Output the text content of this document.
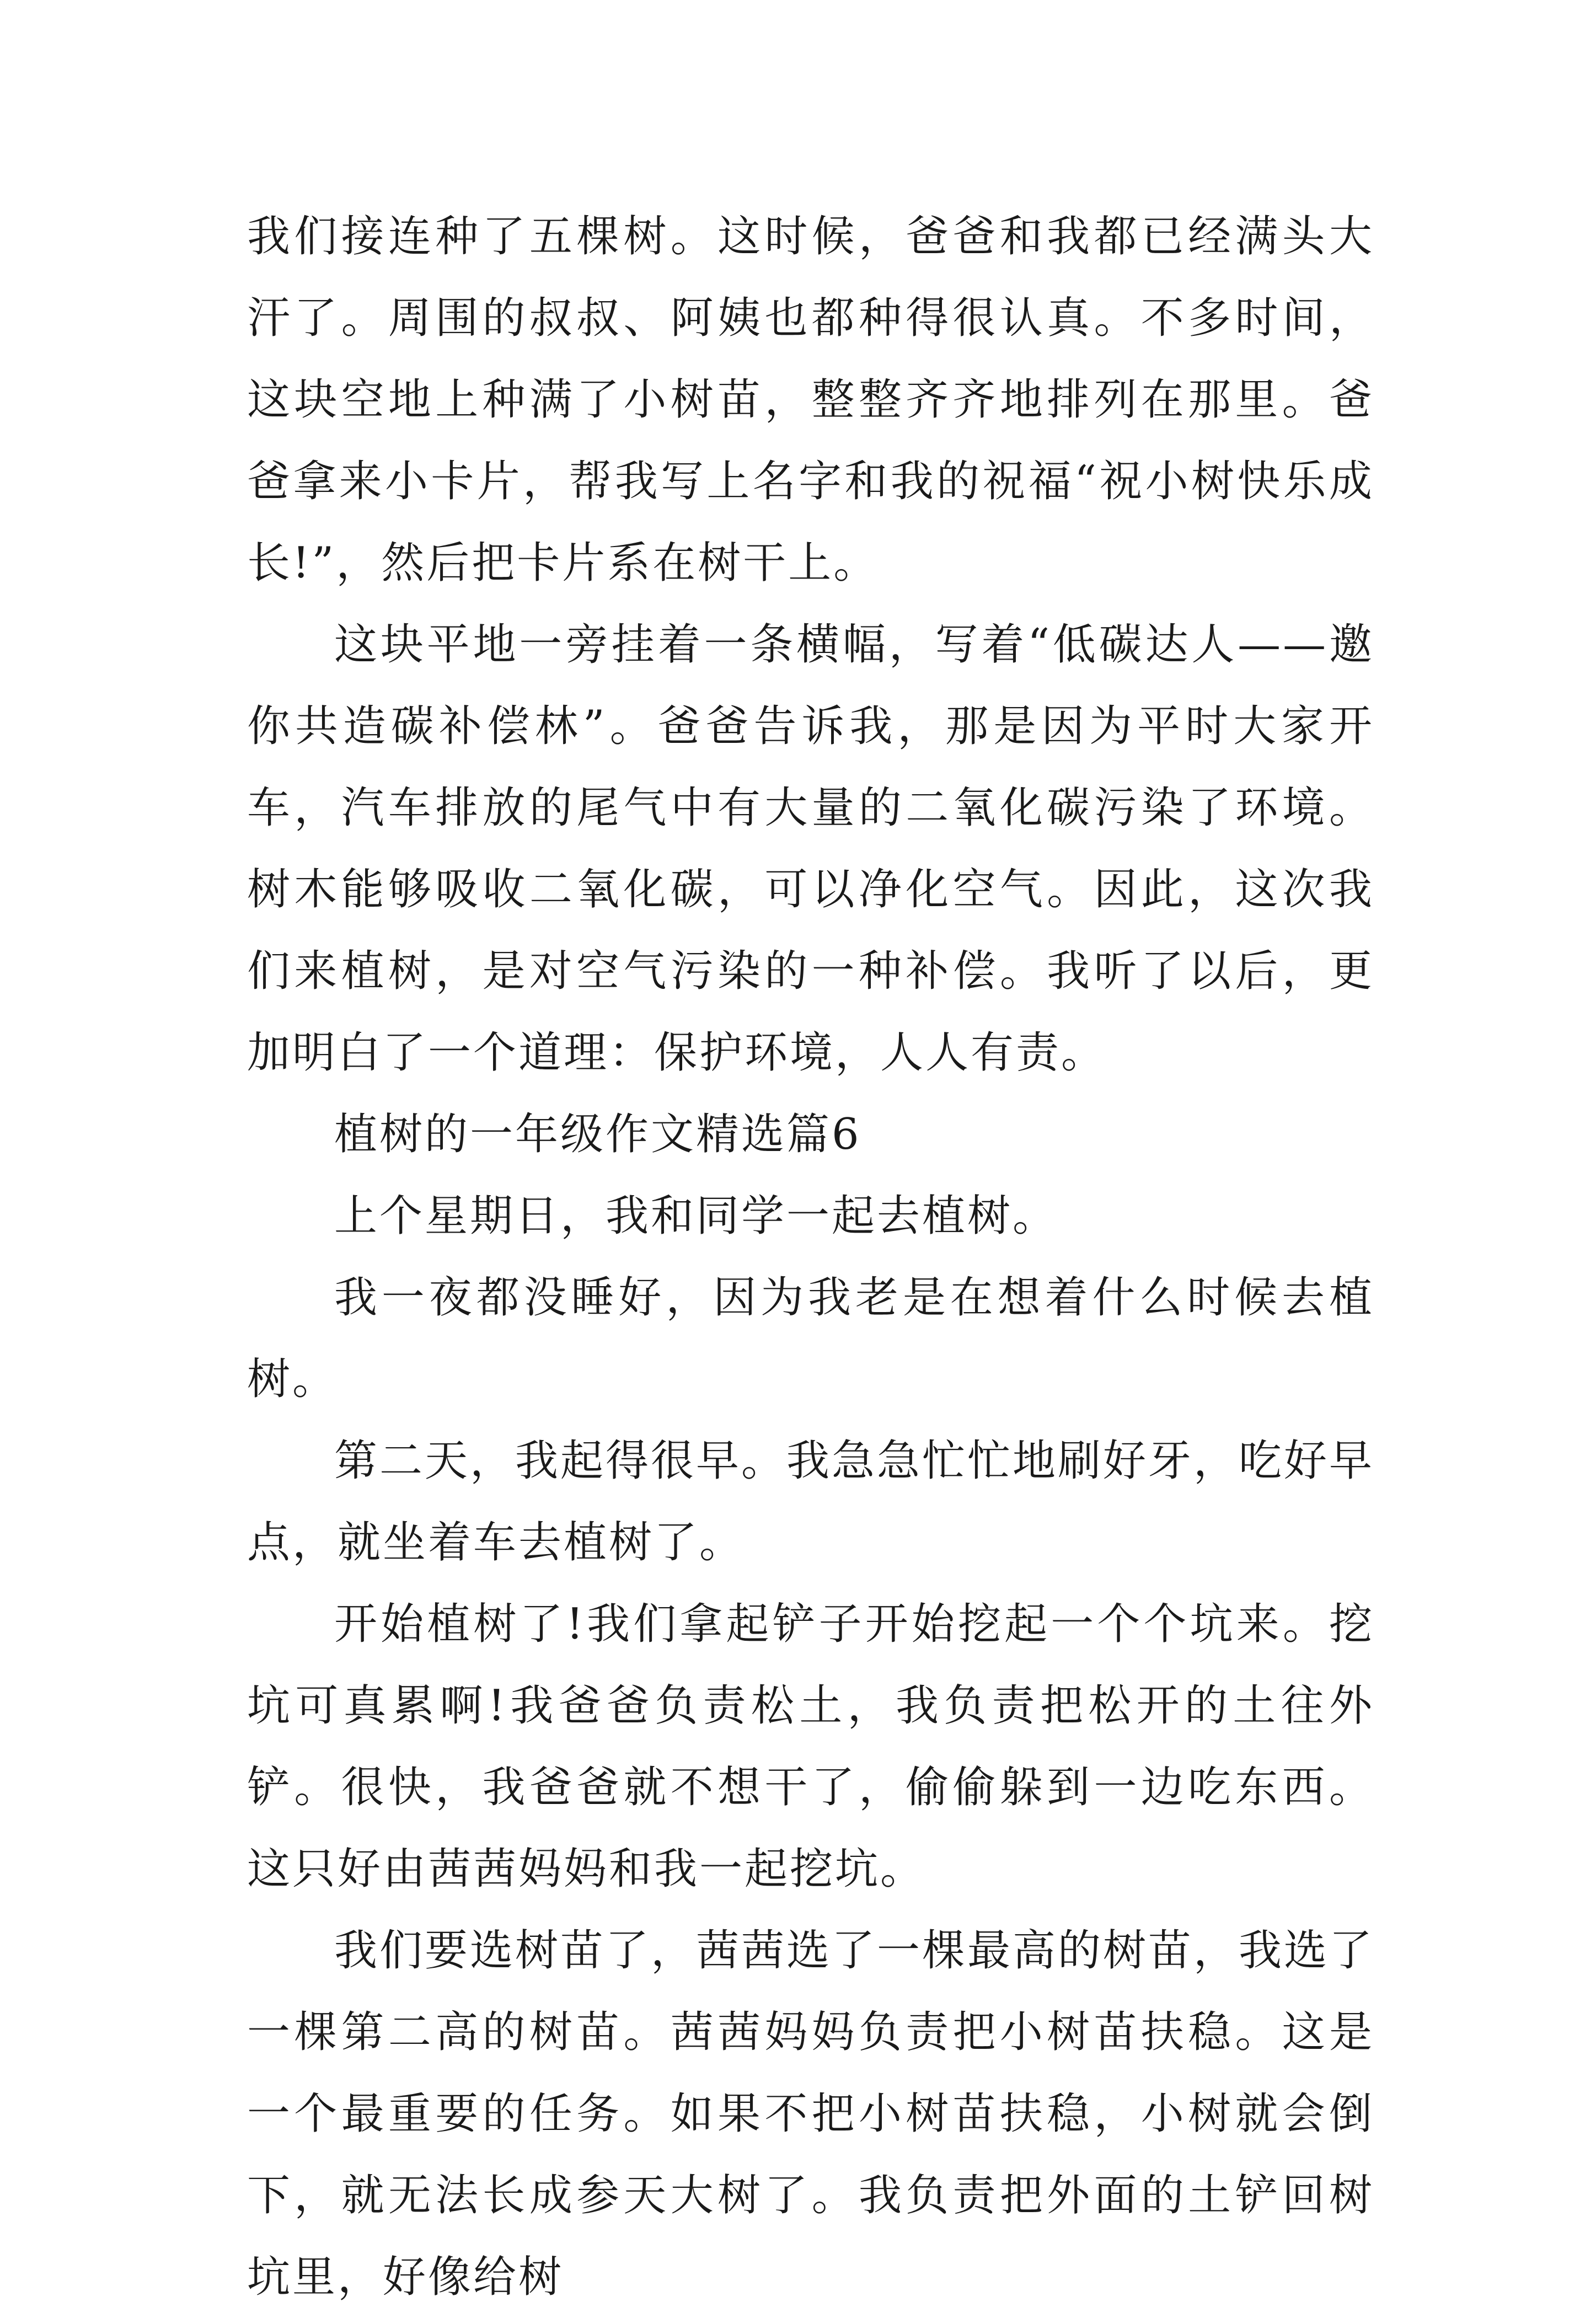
我们接连种了五棵树。这时候，爸爸和我都已经满头大汗了。周围的叔叔、阿姨也都种得很认真。不多时间，这块空地上种满了小树苗，整整齐齐地排列在那里。爸爸拿来小卡片，帮我写上名字和我的祝福“祝小树快乐成长!”，然后把卡片系在树干上。

这块平地一旁挂着一条横幅，写着“低碳达人——邀你共造碳补偿林”。爸爸告诉我，那是因为平时大家开车，汽车排放的尾气中有大量的二氧化碳污染了环境。树木能够吸收二氧化碳，可以净化空气。因此，这次我们来植树，是对空气污染的一种补偿。我听了以后，更加明白了一个道理：保护环境，人人有责。

植树的一年级作文精选篇6

上个星期日，我和同学一起去植树。

我一夜都没睡好，因为我老是在想着什么时候去植树。

第二天，我起得很早。我急急忙忙地刷好牙，吃好早点，就坐着车去植树了。

开始植树了!我们拿起铲子开始挖起一个个坑来。挖坑可真累啊!我爸爸负责松土，我负责把松开的土往外铲。很快，我爸爸就不想干了，偷偷躲到一边吃东西。这只好由茜茜妈妈和我一起挖坑。

我们要选树苗了，茜茜选了一棵最高的树苗，我选了一棵第二高的树苗。茜茜妈妈负责把小树苗扶稳。这是一个最重要的任务。如果不把小树苗扶稳，小树就会倒下，就无法长成参天大树了。我负责把外面的土铲回树坑里，好像给树
